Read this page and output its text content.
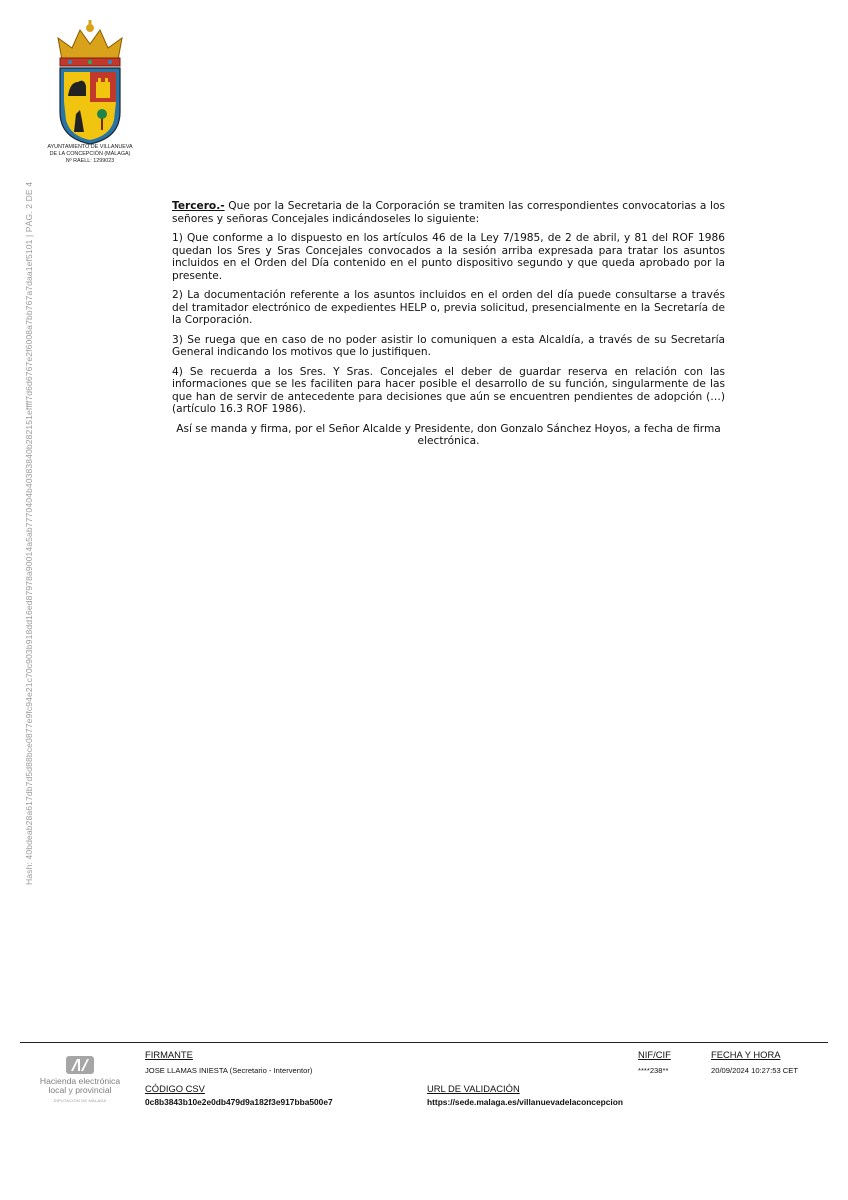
AYUNTAMIENTO DE VILLANUEVA
DE LA CONCEPCIÓN (MÁLAGA)
Nº RAELL: 1299023
Hash: 40bdeab28a617db7d5d88bce0877e9fc94e21c70c903b918dd16ed87978a90014a5ab7770404b40383840b282151effff7d6d6767e2f6008a7bb767a7daa1ef5101 | PÁG. 2 DE 4	Tercero.- Que por la Secretaria de la Corporación se tramiten las correspondientes convocatorias a los señores y señoras Concejales indicándoseles lo siguiente:

1) Que conforme a lo dispuesto en los artículos 46 de la Ley 7/1985, de 2 de abril, y 81 del ROF 1986 quedan los Sres y Sras Concejales convocados a la sesión arriba expresada para tratar los asuntos incluidos en el Orden del Día contenido en el punto dispositivo segundo y que queda aprobado por la presente.

2) La documentación referente a los asuntos incluidos en el orden del día puede consultarse a través del tramitador electrónico de expedientes HELP o, previa solicitud, presencialmente en la Secretaría de la Corporación.

3) Se ruega que en caso de no poder asistir lo comuniquen a esta Alcaldía, a través de su Secretaría General indicando los motivos que lo justifiquen.

4) Se recuerda a los Sres. Y Sras. Concejales el deber de guardar reserva en relación con las informaciones que se les faciliten para hacer posible el desarrollo de su función, singularmente de las que han de servir de antecedente para decisiones que aún se encuentren pendientes de adopción (…) (artículo 16.3 ROF 1986).

Así se manda y firma, por el Señor Alcalde y Presidente, don Gonzalo Sánchez Hoyos, a fecha de firma electrónica.

Hacienda electrónica
local y provincial
DIPUTACIÓN DE MÁLAGA
FIRMANTE
JOSE LLAMAS INIESTA (Secretario - Interventor)
NIF/CIF
****238**
FECHA Y HORA
20/09/2024 10:27:53 CET
CÓDIGO CSV
0c8b3843b10e2e0db479d9a182f3e917bba500e7
URL DE VALIDACIÓN
https://sede.malaga.es/villanuevadelaconcepcion
